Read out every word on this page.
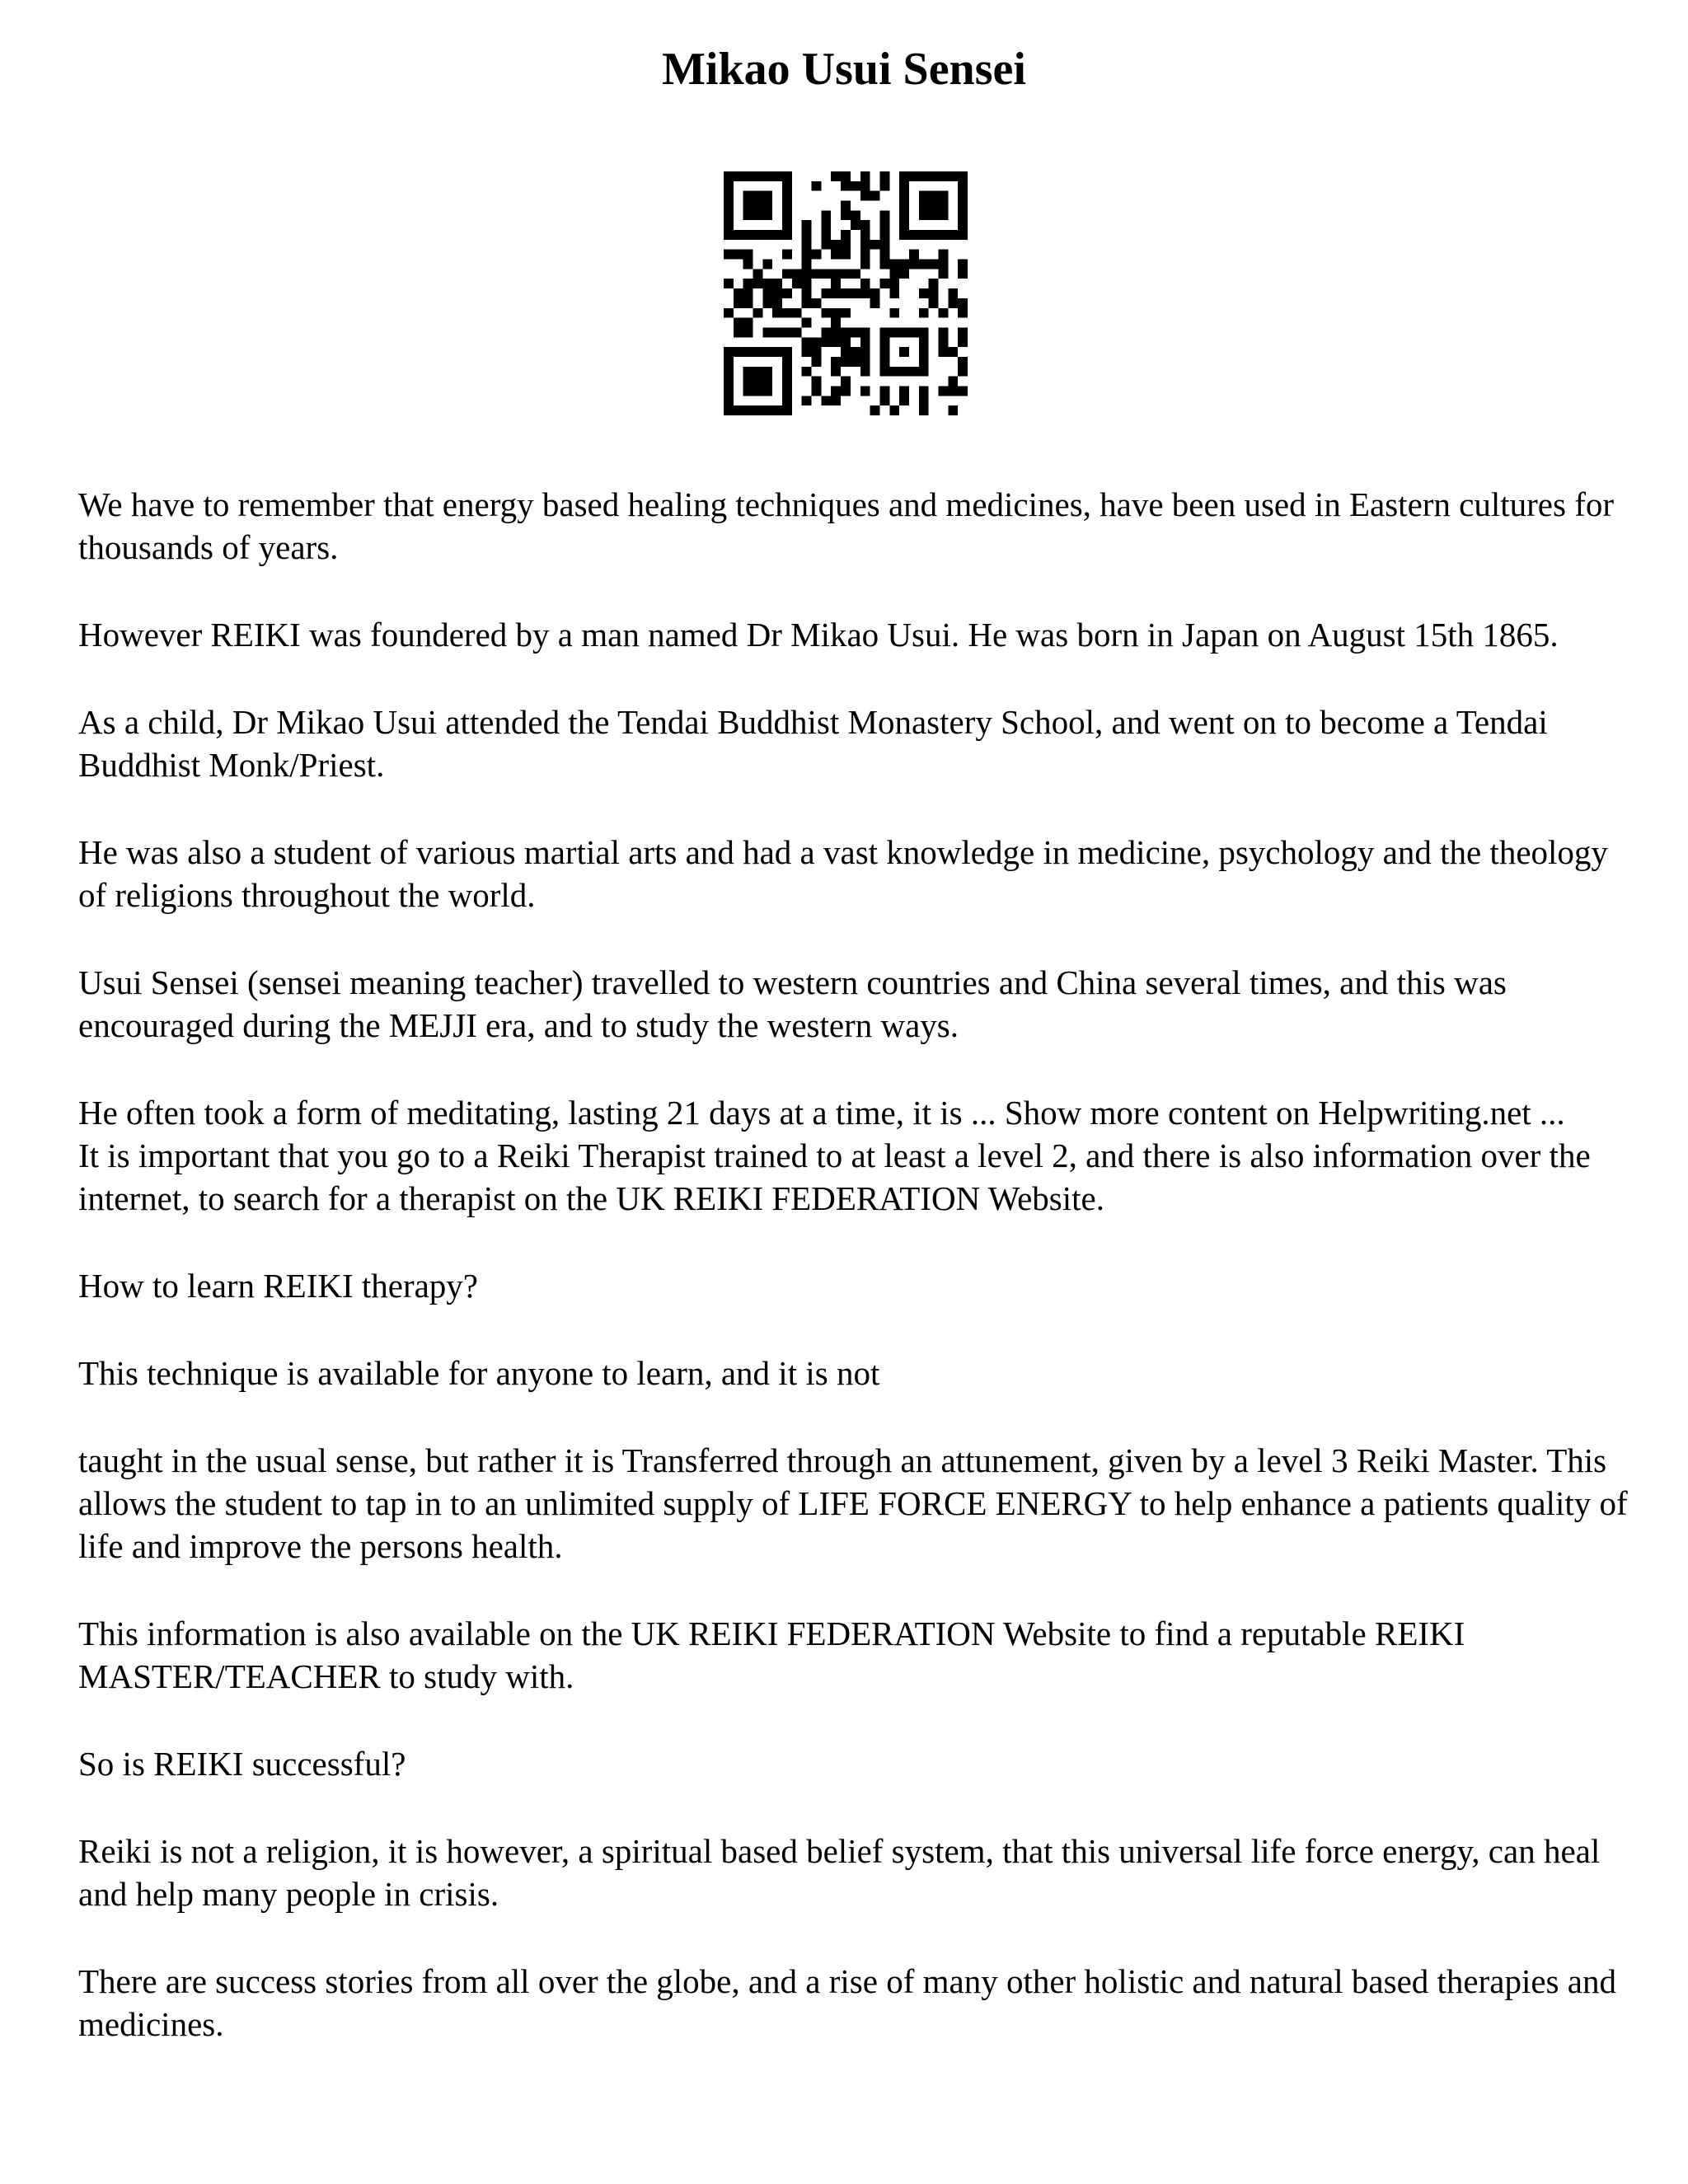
Mikao Usui Sensei

We have to remember that energy based healing techniques and medicines, have been used in Eastern cultures for thousands of years.

However REIKI was foundered by a man named Dr Mikao Usui. He was born in Japan on August 15th 1865.

As a child, Dr Mikao Usui attended the Tendai Buddhist Monastery School, and went on to become a Tendai Buddhist Monk/Priest.

He was also a student of various martial arts and had a vast knowledge in medicine, psychology and the theology of religions throughout the world.

Usui Sensei (sensei meaning teacher) travelled to western countries and China several times, and this was encouraged during the MEJJI era, and to study the western ways.

He often took a form of meditating, lasting 21 days at a time, it is ... Show more content on Helpwriting.net ...

It is important that you go to a Reiki Therapist trained to at least a level 2, and there is also information over the internet, to search for a therapist on the UK REIKI FEDERATION Website.

How to learn REIKI therapy?

This technique is available for anyone to learn, and it is not

taught in the usual sense, but rather it is Transferred through an attunement, given by a level 3 Reiki Master. This allows the student to tap in to an unlimited supply of LIFE FORCE ENERGY to help enhance a patients quality of life and improve the persons health.

This information is also available on the UK REIKI FEDERATION Website to find a reputable REIKI MASTER/TEACHER to study with.

So is REIKI successful?

Reiki is not a religion, it is however, a spiritual based belief system, that this universal life force energy, can heal and help many people in crisis.

There are success stories from all over the globe, and a rise of many other holistic and natural based therapies and medicines.
